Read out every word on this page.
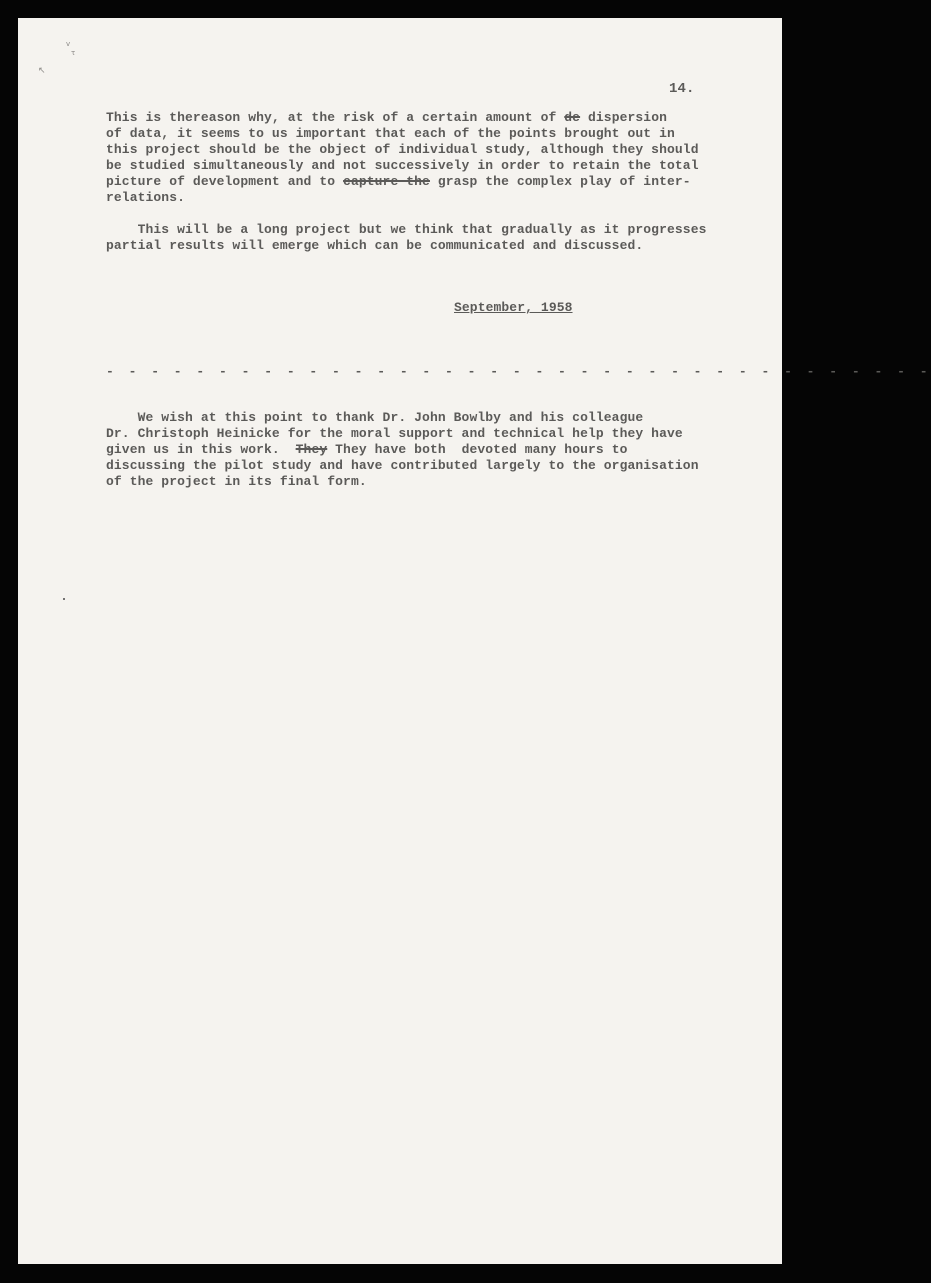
v
τ
↖
14.
This is thereason why, at the risk of a certain amount of de dispersion
of data, it seems to us important that each of the points brought out in
this project should be the object of individual study, although they should
be studied simultaneously and not successively in order to retain the total
picture of development and to capture the grasp the complex play of inter-
relations.
This will be a long project but we think that gradually as it progresses
partial results will emerge which can be communicated and discussed.
September, 1958
- - - - - - - - - - - - - - - - - - - - - - - - - - - - - - - - - - - - -
We wish at this point to thank Dr. John Bowlby and his colleague
Dr. Christoph Heinicke for the moral support and technical help they have
given us in this work.  They They have both  devoted many hours to
discussing the pilot study and have contributed largely to the organisation
of the project in its final form.
